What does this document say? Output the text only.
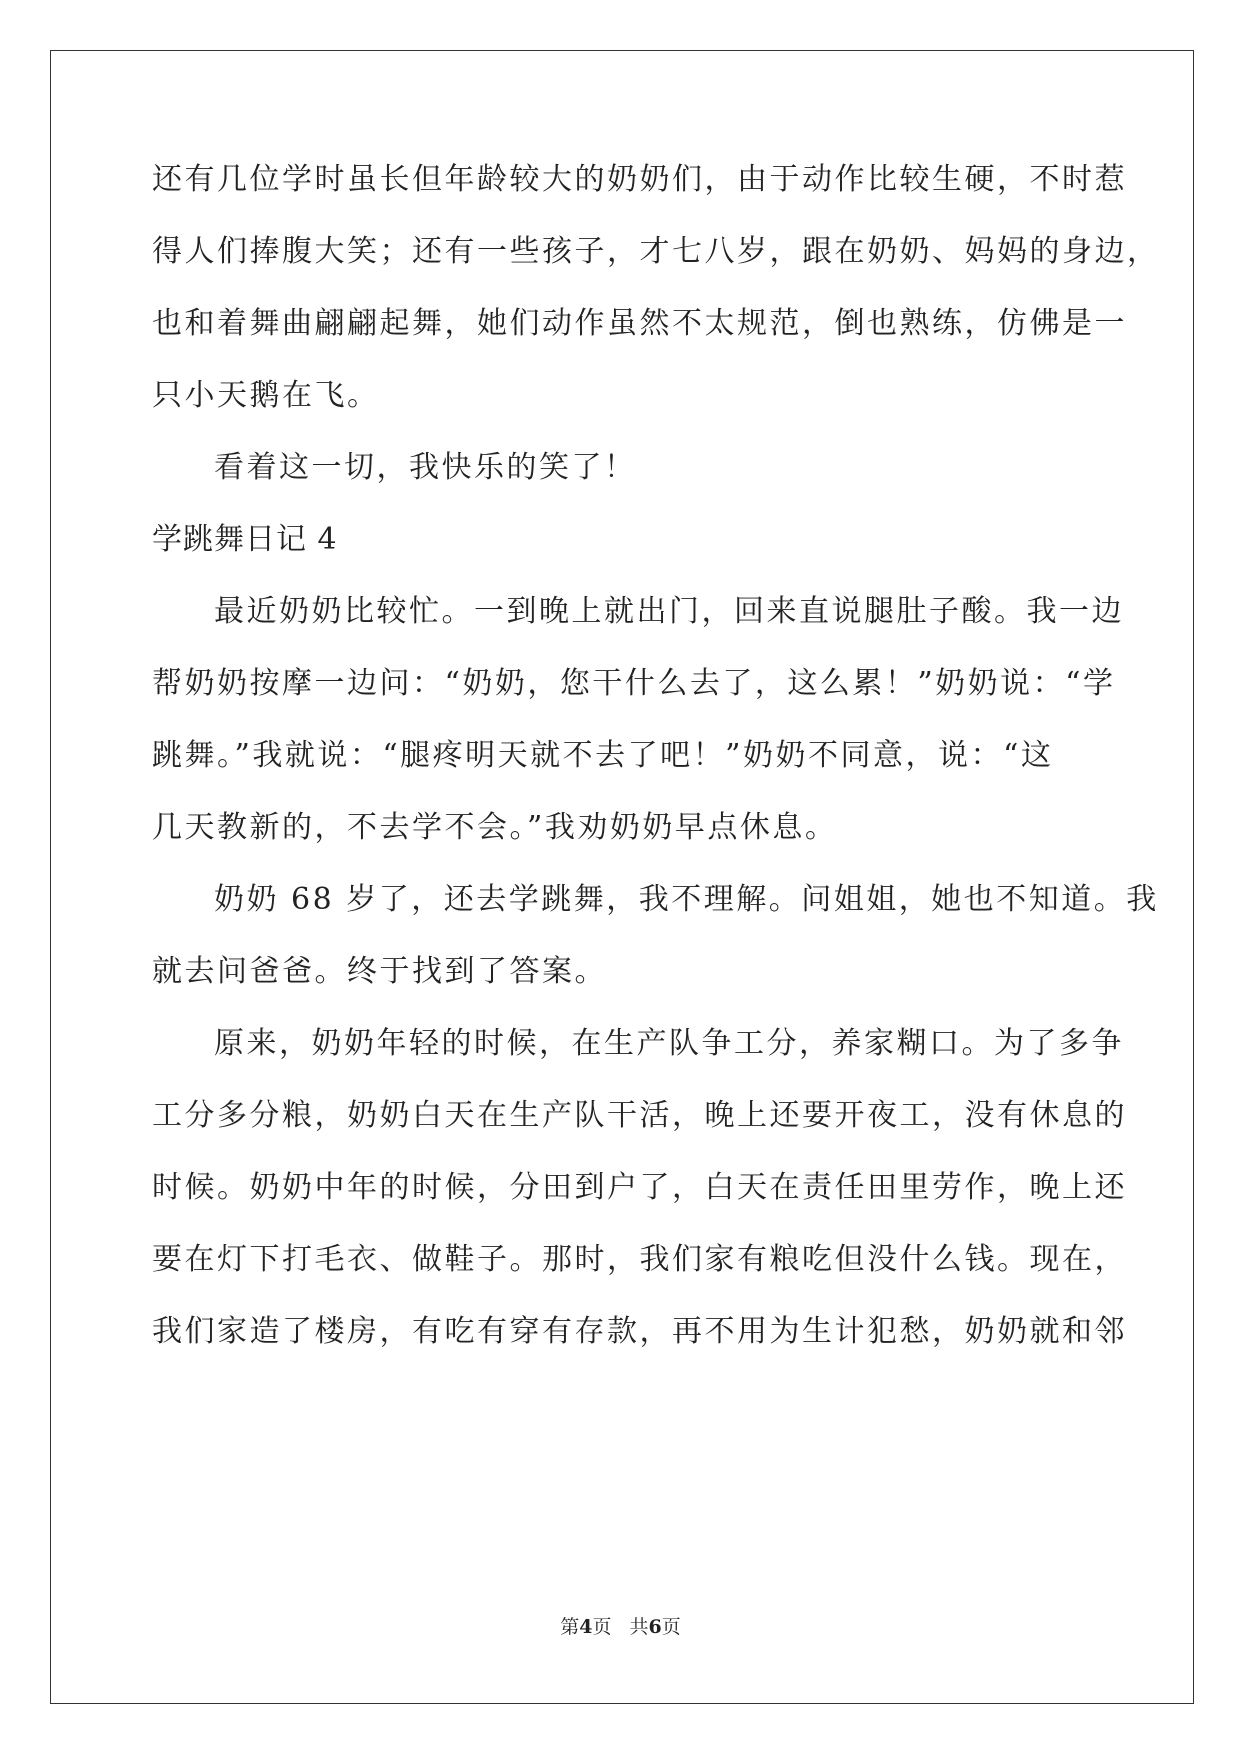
还有几位学时虽长但年龄较大的奶奶们，由于动作比较生硬，不时惹
得人们捧腹大笑；还有一些孩子，才七八岁，跟在奶奶、妈妈的身边，
也和着舞曲翩翩起舞，她们动作虽然不太规范，倒也熟练，仿佛是一
只小天鹅在飞。
看着这一切，我快乐的笑了！
学跳舞日记 4
最近奶奶比较忙。一到晚上就出门，回来直说腿肚子酸。我一边
帮奶奶按摩一边问：“奶奶，您干什么去了，这么累！”奶奶说：“学
跳舞。”我就说：“腿疼明天就不去了吧！”奶奶不同意，说：“这
几天教新的，不去学不会。”我劝奶奶早点休息。
奶奶 68 岁了，还去学跳舞，我不理解。问姐姐，她也不知道。我
就去问爸爸。终于找到了答案。
原来，奶奶年轻的时候，在生产队争工分，养家糊口。为了多争
工分多分粮，奶奶白天在生产队干活，晚上还要开夜工，没有休息的
时候。奶奶中年的时候，分田到户了，白天在责任田里劳作，晚上还
要在灯下打毛衣、做鞋子。那时，我们家有粮吃但没什么钱。现在，
我们家造了楼房，有吃有穿有存款，再不用为生计犯愁，奶奶就和邻
第4页 共6页
